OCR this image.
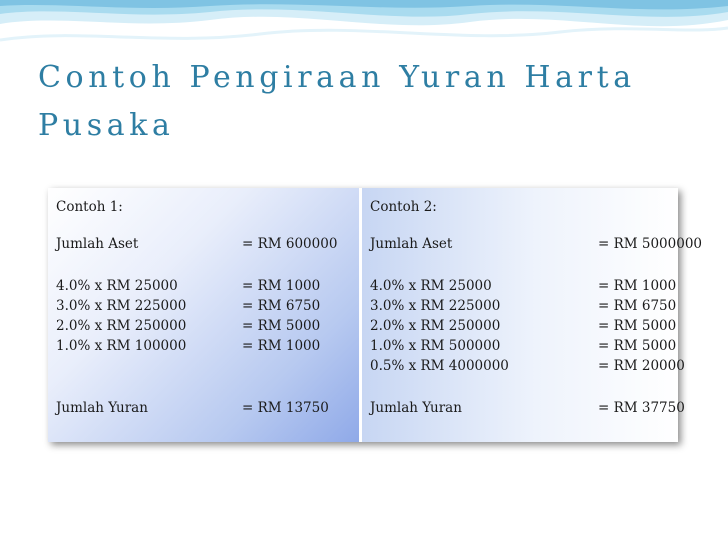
Contoh Pengiraan Yuran Harta Pusaka
Contoh 1:
Jumlah Aset	= RM 600000
4.0% x RM 25000	= RM 1000
3.0% x RM 225000	= RM 6750
2.0% x RM 250000	= RM 5000
1.0% x RM 100000	= RM 1000
Jumlah Yuran	= RM 13750
Contoh 2:
Jumlah Aset	= RM 5000000
4.0% x RM 25000	= RM 1000
3.0% x RM 225000	= RM 6750
2.0% x RM 250000	= RM 5000
1.0% x RM 500000	= RM 5000
0.5% x RM 4000000	= RM 20000
Jumlah Yuran	= RM 37750
